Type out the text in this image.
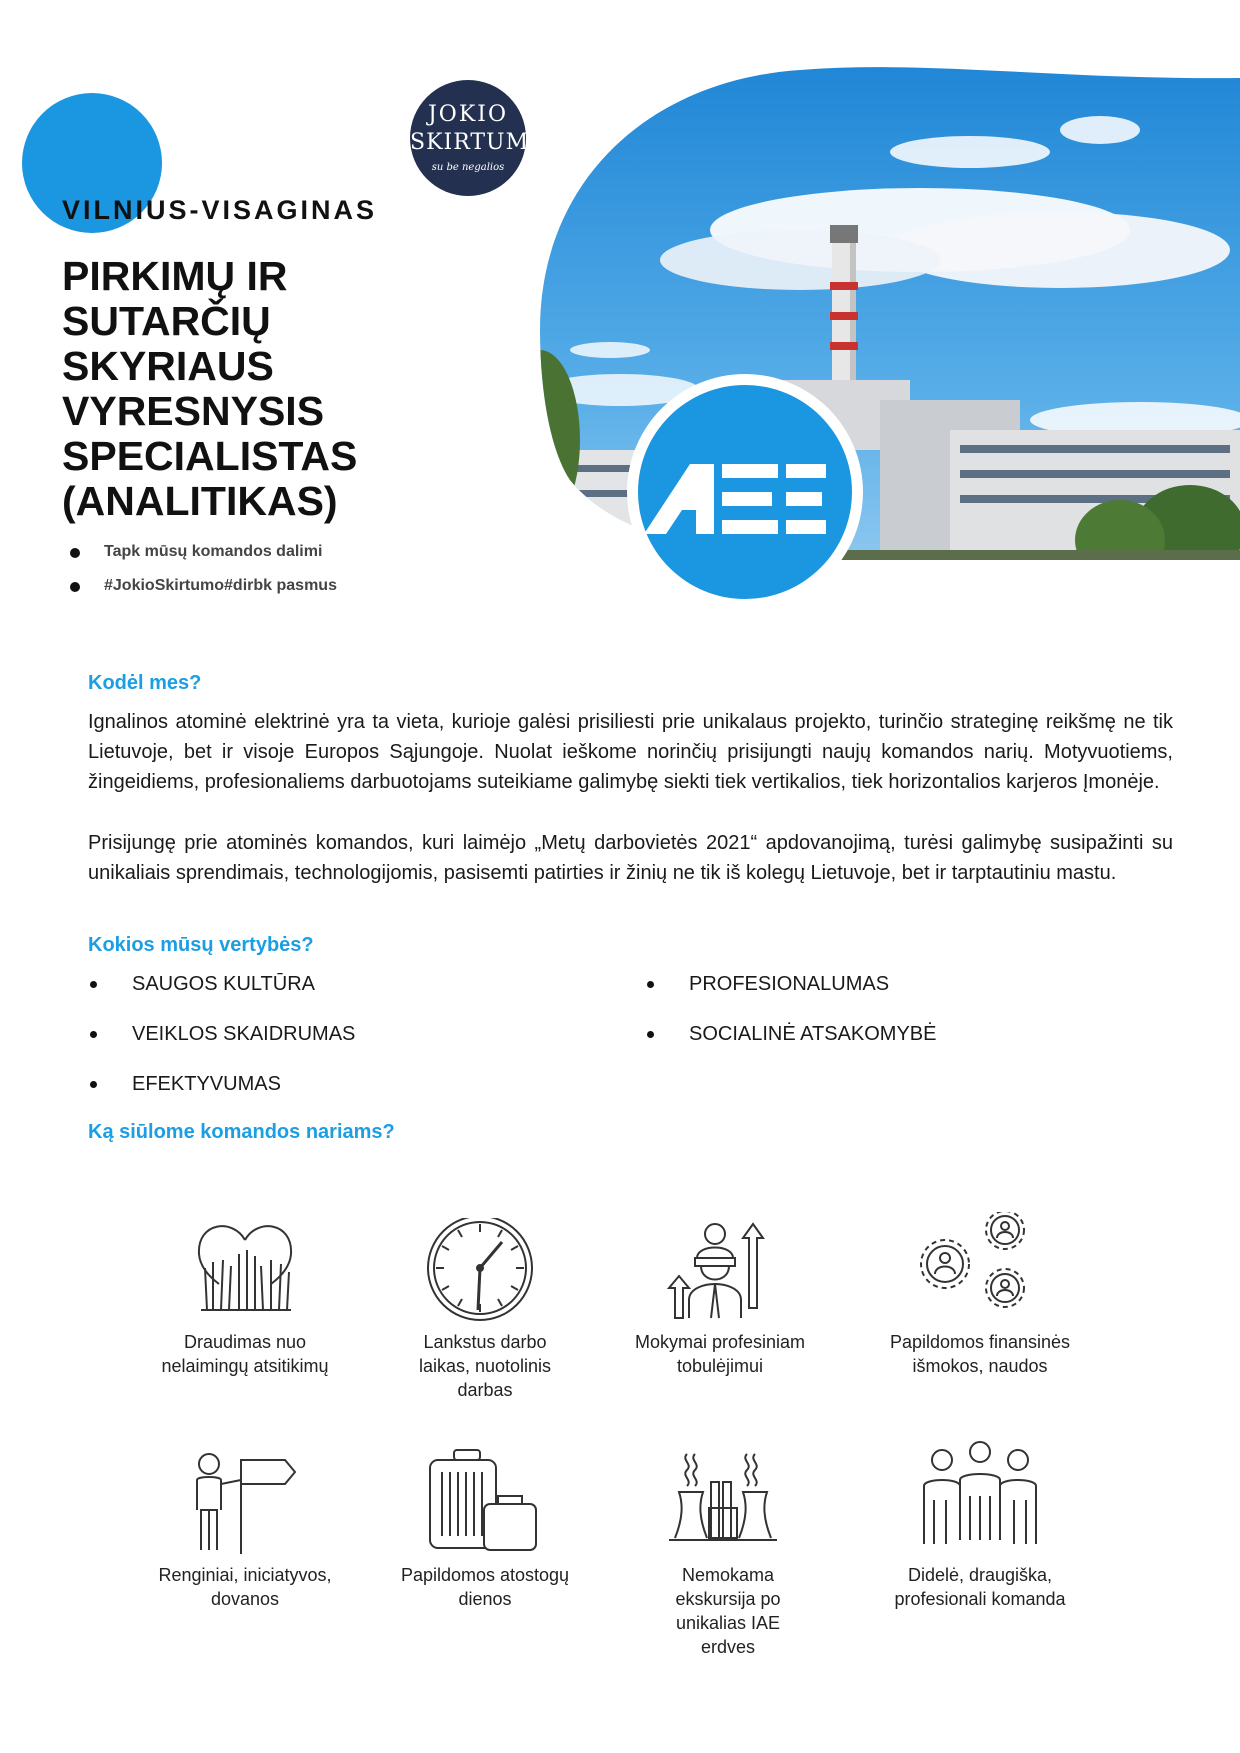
JOKIO
SKIRTUMO
su be negalios
VILNIUS-VISAGINAS
PIRKIMŲ IR SUTARČIŲ SKYRIAUS VYRESNYSIS SPECIALISTAS (ANALITIKAS)
Tapk mūsų komandos dalimi
#JokioSkirtumo#dirbk pasmus
Kodėl mes?

Ignalinos atominė elektrinė yra ta vieta, kurioje galėsi prisiliesti prie unikalaus projekto, turinčio strateginę reikšmę ne tik Lietuvoje, bet ir visoje Europos Sąjungoje. Nuolat ieškome norinčių prisijungti naujų komandos narių. Motyvuotiems, žingeidiems, profesionaliems darbuotojams suteikiame galimybę siekti tiek vertikalios, tiek horizontalios karjeros Įmonėje.

Prisijungę prie atominės komandos, kuri laimėjo „Metų darbovietės 2021“ apdovanojimą, turėsi galimybę susipažinti su unikaliais sprendimais, technologijomis, pasisemti patirties ir žinių ne tik iš kolegų Lietuvoje, bet ir tarptautiniu mastu.

Kokios mūsų vertybės?
SAUGOS KULTŪRA
VEIKLOS SKAIDRUMAS
EFEKTYVUMAS
PROFESIONALUMAS
SOCIALINĖ ATSAKOMYBĖ
Ką siūlome komandos nariams?

Draudimas nuo nelaimingų atsitikimų

Lankstus darbo laikas, nuotolinis darbas

Mokymai profesiniam tobulėjimui

Papildomos finansinės išmokos, naudos

Renginiai, iniciatyvos, dovanos

Papildomos atostogų dienos

Nemokama ekskursija po unikalias IAE erdves

Didelė, draugiška, profesionali komanda
